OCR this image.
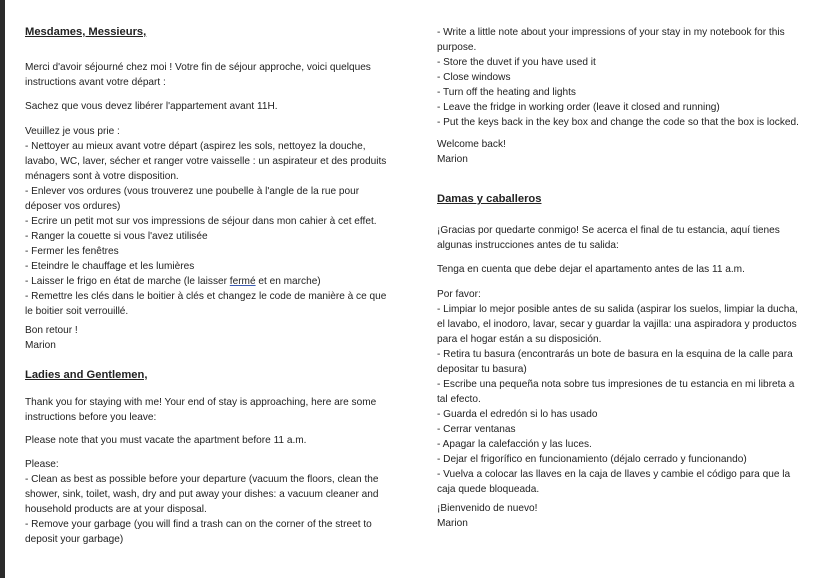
Mesdames, Messieurs,
Merci d'avoir séjourné chez moi ! Votre fin de séjour approche, voici quelques
instructions avant votre départ :
Sachez que vous devez libérer l'appartement avant 11H.
Veuillez je vous prie :
- Nettoyer au mieux avant votre départ (aspirez les sols, nettoyez la douche,
lavabo, WC, laver, sécher et ranger votre vaisselle : un aspirateur et des produits
ménagers sont à votre disposition.
- Enlever vos ordures (vous trouverez une poubelle à l'angle de la rue pour
déposer vos ordures)
- Ecrire un petit mot sur vos impressions de séjour dans mon cahier à cet effet.
- Ranger la couette si vous l'avez utilisée
- Fermer les fenêtres
- Eteindre le chauffage et les lumières
- Laisser le frigo en état de marche (le laisser fermé et en marche)
- Remettre les clés dans le boitier à clés et changez le code de manière à ce que
le boitier soit verrouillé.
Bon retour !
Marion
Ladies and Gentlemen,
Thank you for staying with me! Your end of stay is approaching, here are some
instructions before you leave:
Please note that you must vacate the apartment before 11 a.m.
Please:
- Clean as best as possible before your departure (vacuum the floors, clean the
shower, sink, toilet, wash, dry and put away your dishes: a vacuum cleaner and
household products are at your disposal.
- Remove your garbage (you will find a trash can on the corner of the street to
deposit your garbage)
- Write a little note about your impressions of your stay in my notebook for this
purpose.
- Store the duvet if you have used it
- Close windows
- Turn off the heating and lights
- Leave the fridge in working order (leave it closed and running)
- Put the keys back in the key box and change the code so that the box is locked.
Welcome back!
Marion
Damas y caballeros
¡Gracias por quedarte conmigo! Se acerca el final de tu estancia, aquí tienes
algunas instrucciones antes de tu salida:
Tenga en cuenta que debe dejar el apartamento antes de las 11 a.m.
Por favor:
- Limpiar lo mejor posible antes de su salida (aspirar los suelos, limpiar la ducha,
el lavabo, el inodoro, lavar, secar y guardar la vajilla: una aspiradora y productos
para el hogar están a su disposición.
- Retira tu basura (encontrarás un bote de basura en la esquina de la calle para
depositar tu basura)
- Escribe una pequeña nota sobre tus impresiones de tu estancia en mi libreta a
tal efecto.
- Guarda el edredón si lo has usado
- Cerrar ventanas
- Apagar la calefacción y las luces.
- Dejar el frigorífico en funcionamiento (déjalo cerrado y funcionando)
- Vuelva a colocar las llaves en la caja de llaves y cambie el código para que la
caja quede bloqueada.
¡Bienvenido de nuevo!
Marion
